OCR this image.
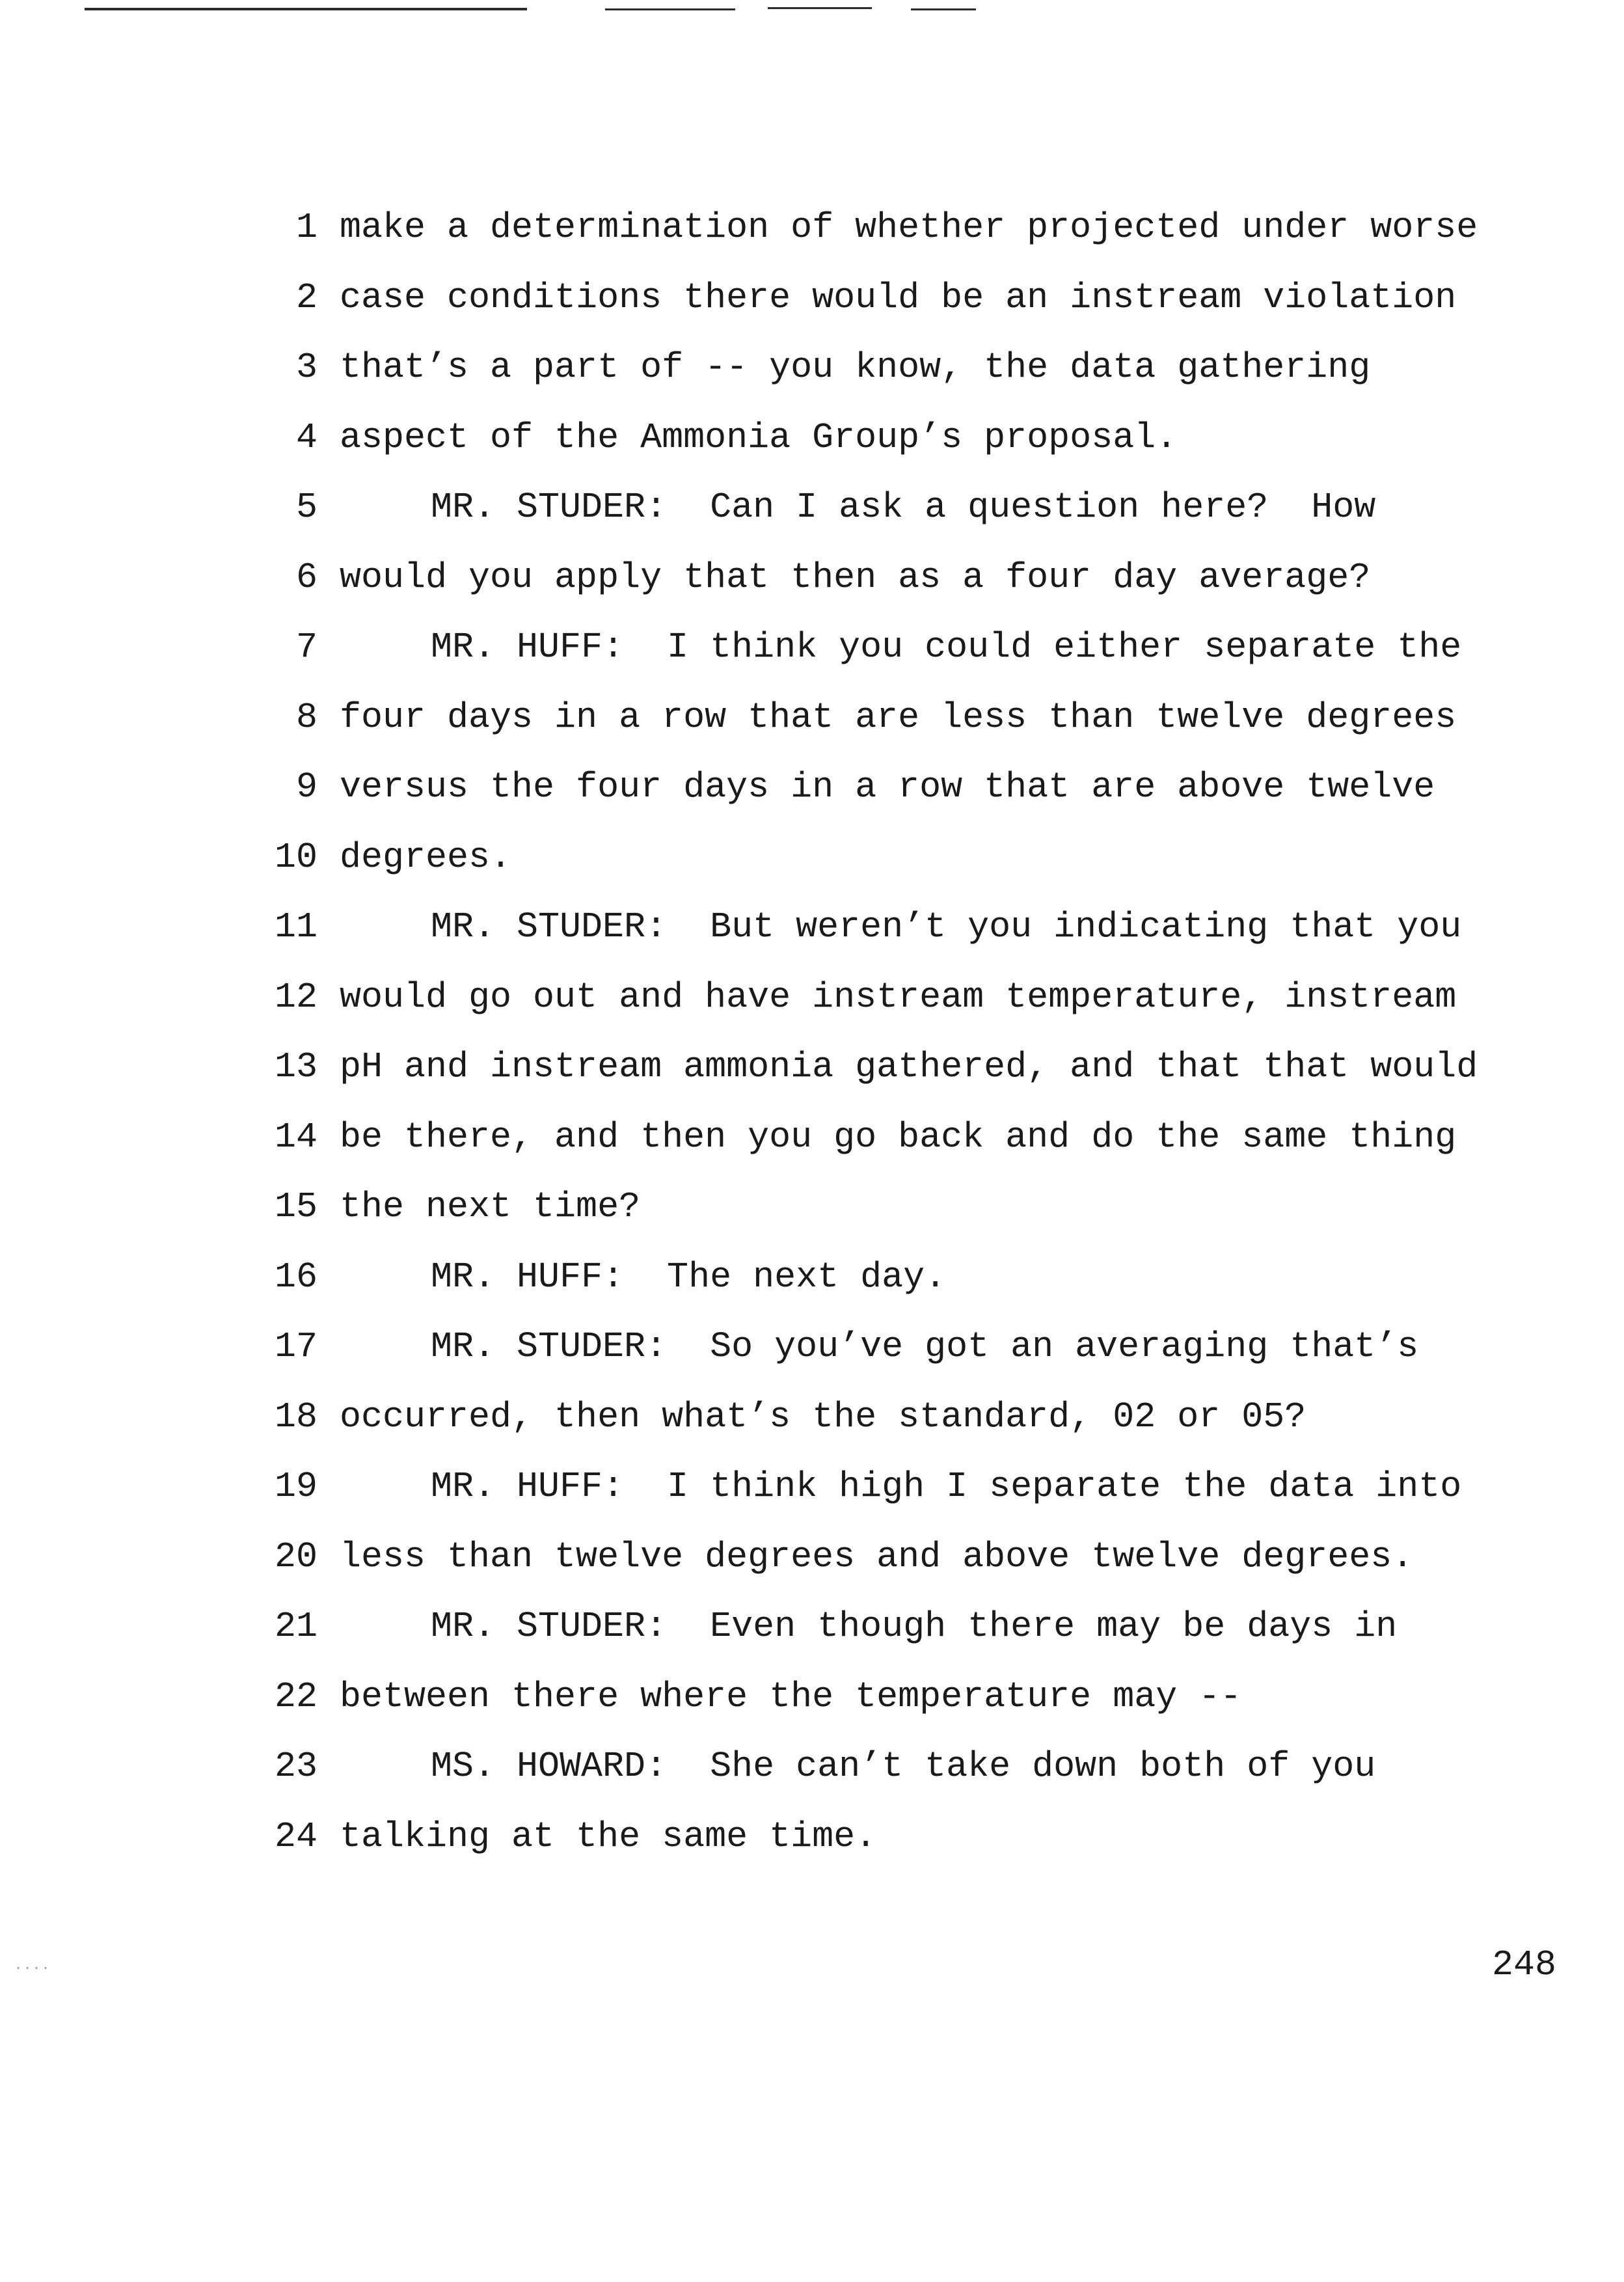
1 make a determination of whether projected under worse
2 case conditions there would be an instream violation
3 that’s a part of -- you know, the data gathering
4 aspect of the Ammonia Group’s proposal.
5	MR. STUDER:  Can I ask a question here?  How
6 would you apply that then as a four day average?
7	MR. HUFF:  I think you could either separate the
8 four days in a row that are less than twelve degrees
9 versus the four days in a row that are above twelve
10 degrees.
11	MR. STUDER:  But weren’t you indicating that you
12 would go out and have instream temperature, instream
13 pH and instream ammonia gathered, and that that would
14 be there, and then you go back and do the same thing
15 the next time?
16	MR. HUFF:  The next day.
17	MR. STUDER:  So you’ve got an averaging that’s
18 occurred, then what’s the standard, 02 or 05?
19	MR. HUFF:  I think high I separate the data into
20 less than twelve degrees and above twelve degrees.
21	MR. STUDER:  Even though there may be days in
22 between there where the temperature may --
23	MS. HOWARD:  She can’t take down both of you
24 talking at the same time.
....	248
